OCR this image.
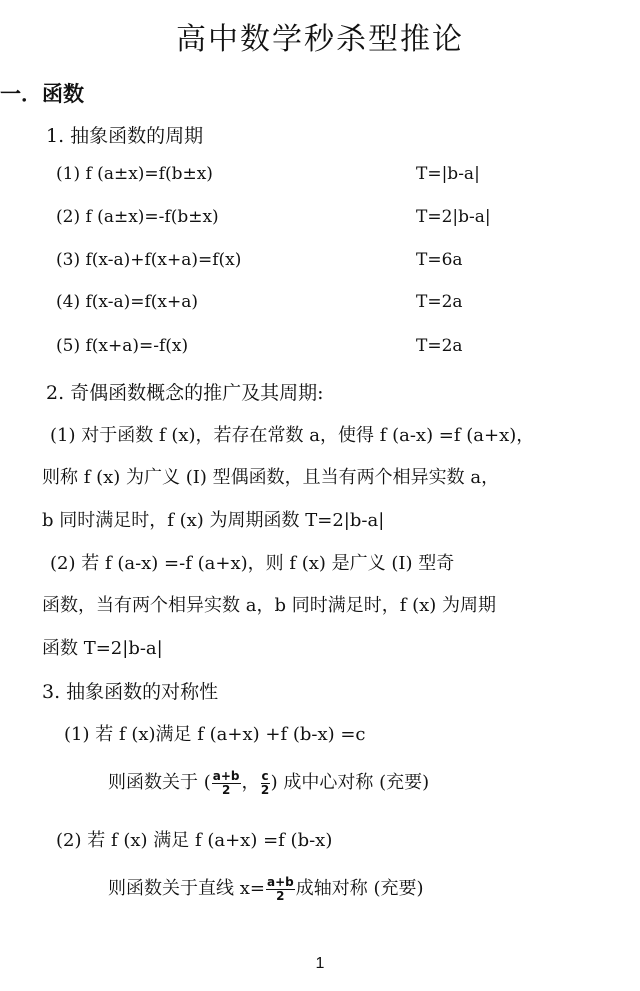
高中数学秒杀型推论
一．函数
1. 抽象函数的周期
(1) f (a±x)=f(b±x)	T=|b-a|
(2) f (a±x)=-f(b±x)	T=2|b-a|
(3) f(x-a)+f(x+a)=f(x)	T=6a
(4) f(x-a)=f(x+a)	T=2a
(5) f(x+a)=-f(x)	T=2a
2. 奇偶函数概念的推广及其周期:
(1) 对于函数 f (x)，若存在常数 a，使得 f (a-x) =f (a+x)，
则称 f (x) 为广义 (Ⅰ) 型偶函数，且当有两个相异实数 a，
b 同时满足时，f (x) 为周期函数 T=2|b-a|
(2) 若 f (a-x) =-f (a+x)，则 f (x) 是广义 (Ⅰ) 型奇
函数，当有两个相异实数 a，b 同时满足时，f (x) 为周期
函数 T=2|b-a|
3. 抽象函数的对称性
(1) 若 f (x)满足 f (a+x) +f (b-x) =c
则函数关于 ( $\frac{a+b}{2}$ ， $\frac{c}{2}$ ) 成中心对称 (充要)
(2) 若 f (x) 满足 f (a+x) =f (b-x)
则函数关于直线 $x= \frac{a+b}{2}$ 成轴对称 (充要)
1
